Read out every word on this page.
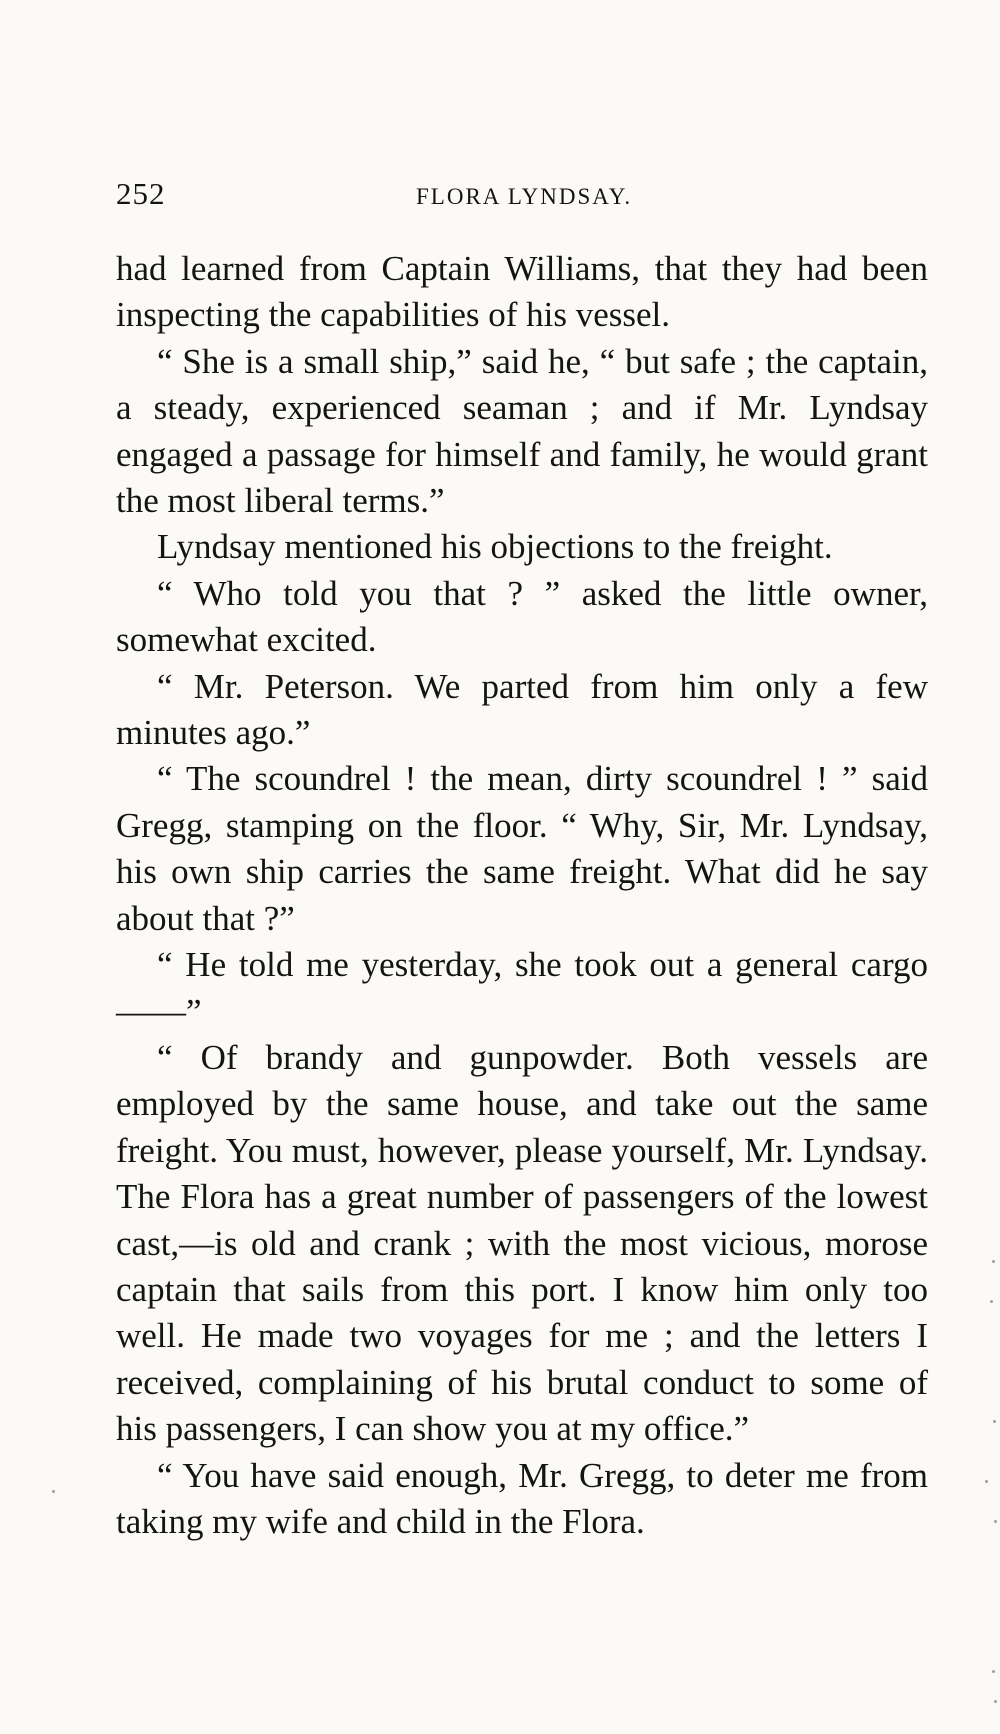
252	FLORA LYNDSAY.

had learned from Captain Williams, that they had been inspecting the capabilities of his vessel.

“ She is a small ship,” said he, “ but safe ; the captain, a steady, experienced seaman ; and if Mr. Lyndsay engaged a passage for himself and family, he would grant the most liberal terms.”

Lyndsay mentioned his objections to the freight.

“ Who told you that ? ” asked the little owner, somewhat excited.

“ Mr. Peterson. We parted from him only a few minutes ago.”

“ The scoundrel ! the mean, dirty scoundrel ! ” said Gregg, stamping on the floor. “ Why, Sir, Mr. Lyndsay, his own ship carries the same freight. What did he say about that ?”

“ He told me yesterday, she took out a general cargo——”

“ Of brandy and gunpowder. Both vessels are employed by the same house, and take out the same freight. You must, however, please yourself, Mr. Lyndsay. The Flora has a great number of passengers of the lowest cast,—is old and crank ; with the most vicious, morose captain that sails from this port. I know him only too well. He made two voyages for me ; and the letters I received, complaining of his brutal conduct to some of his passengers, I can show you at my office.”

“ You have said enough, Mr. Gregg, to deter me from taking my wife and child in the Flora.
